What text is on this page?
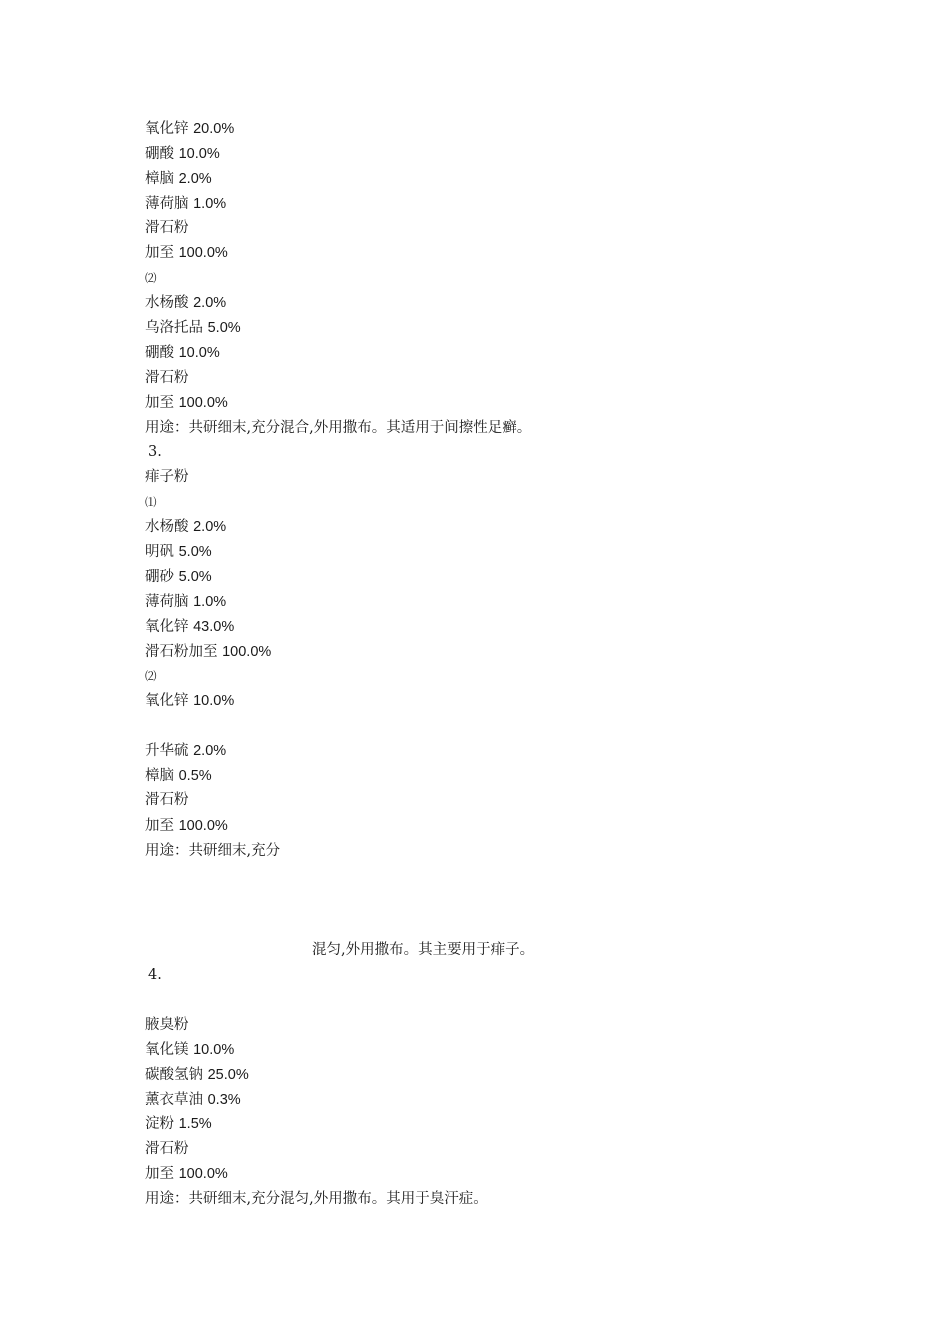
氧化锌 20.0%
硼酸 10.0%
樟脑 2.0%
薄荷脑 1.0%
滑石粉
加至 100.0%
⑵
水杨酸 2.0%
乌洛托品 5.0%
硼酸 10.0%
滑石粉
加至 100.0%
用途：共研细末,充分混合,外用撒布。其适用于间擦性足癣。
3.
痱子粉
⑴
水杨酸 2.0%
明矾 5.0%
硼砂 5.0%
薄荷脑 1.0%
氧化锌 43.0%
滑石粉加至 100.0%
⑵
氧化锌 10.0%
升华硫 2.0%
樟脑 0.5%
滑石粉
加至 100.0%
用途：共研细末,充分
混匀,外用撒布。其主要用于痱子。
4.
腋臭粉
氧化镁 10.0%
碳酸氢钠 25.0%
薰衣草油 0.3%
淀粉 1.5%
滑石粉
加至 100.0%
用途：共研细末,充分混匀,外用撒布。其用于臭汗症。
